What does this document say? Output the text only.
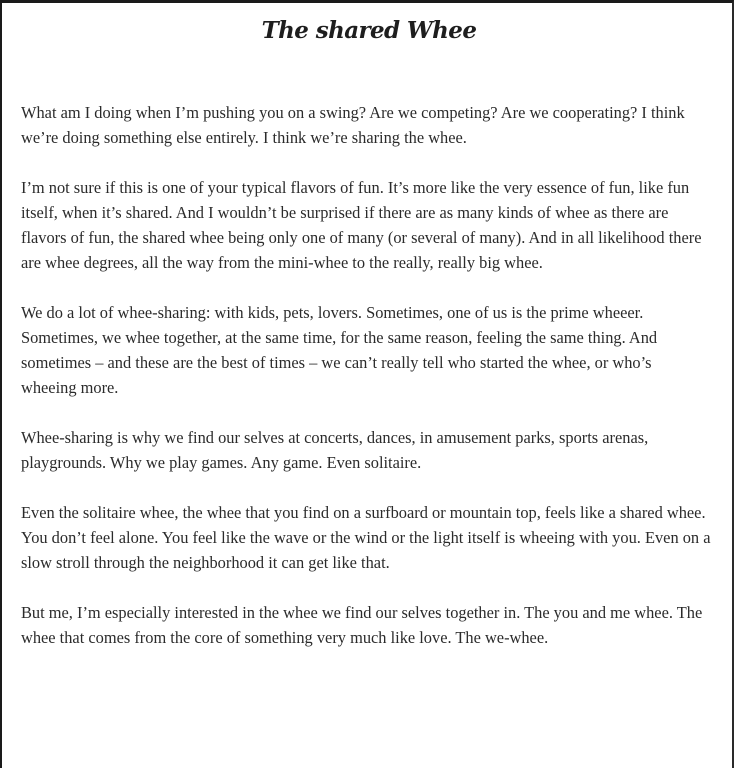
The shared Whee

What am I doing when I’m pushing you on a swing? Are we competing? Are we cooperating? I think we’re doing something else entirely. I think we’re sharing the whee.

I’m not sure if this is one of your typical flavors of fun. It’s more like the very essence of fun, like fun itself, when it’s shared. And I wouldn’t be surprised if there are as many kinds of whee as there are flavors of fun, the shared whee being only one of many (or several of many). And in all likelihood there are whee degrees, all the way from the mini-whee to the really, really big whee.

We do a lot of whee-sharing: with kids, pets, lovers. Sometimes, one of us is the prime wheeer. Sometimes, we whee together, at the same time, for the same reason, feeling the same thing. And sometimes – and these are the best of times – we can’t really tell who started the whee, or who’s wheeing more.

Whee-sharing is why we find our selves at concerts, dances, in amusement parks, sports arenas, playgrounds. Why we play games. Any game. Even solitaire.

Even the solitaire whee, the whee that you find on a surfboard or mountain top, feels like a shared whee. You don’t feel alone. You feel like the wave or the wind or the light itself is wheeing with you. Even on a slow stroll through the neighborhood it can get like that.

But me, I’m especially interested in the whee we find our selves together in. The you and me whee. The whee that comes from the core of something very much like love. The we-whee.
